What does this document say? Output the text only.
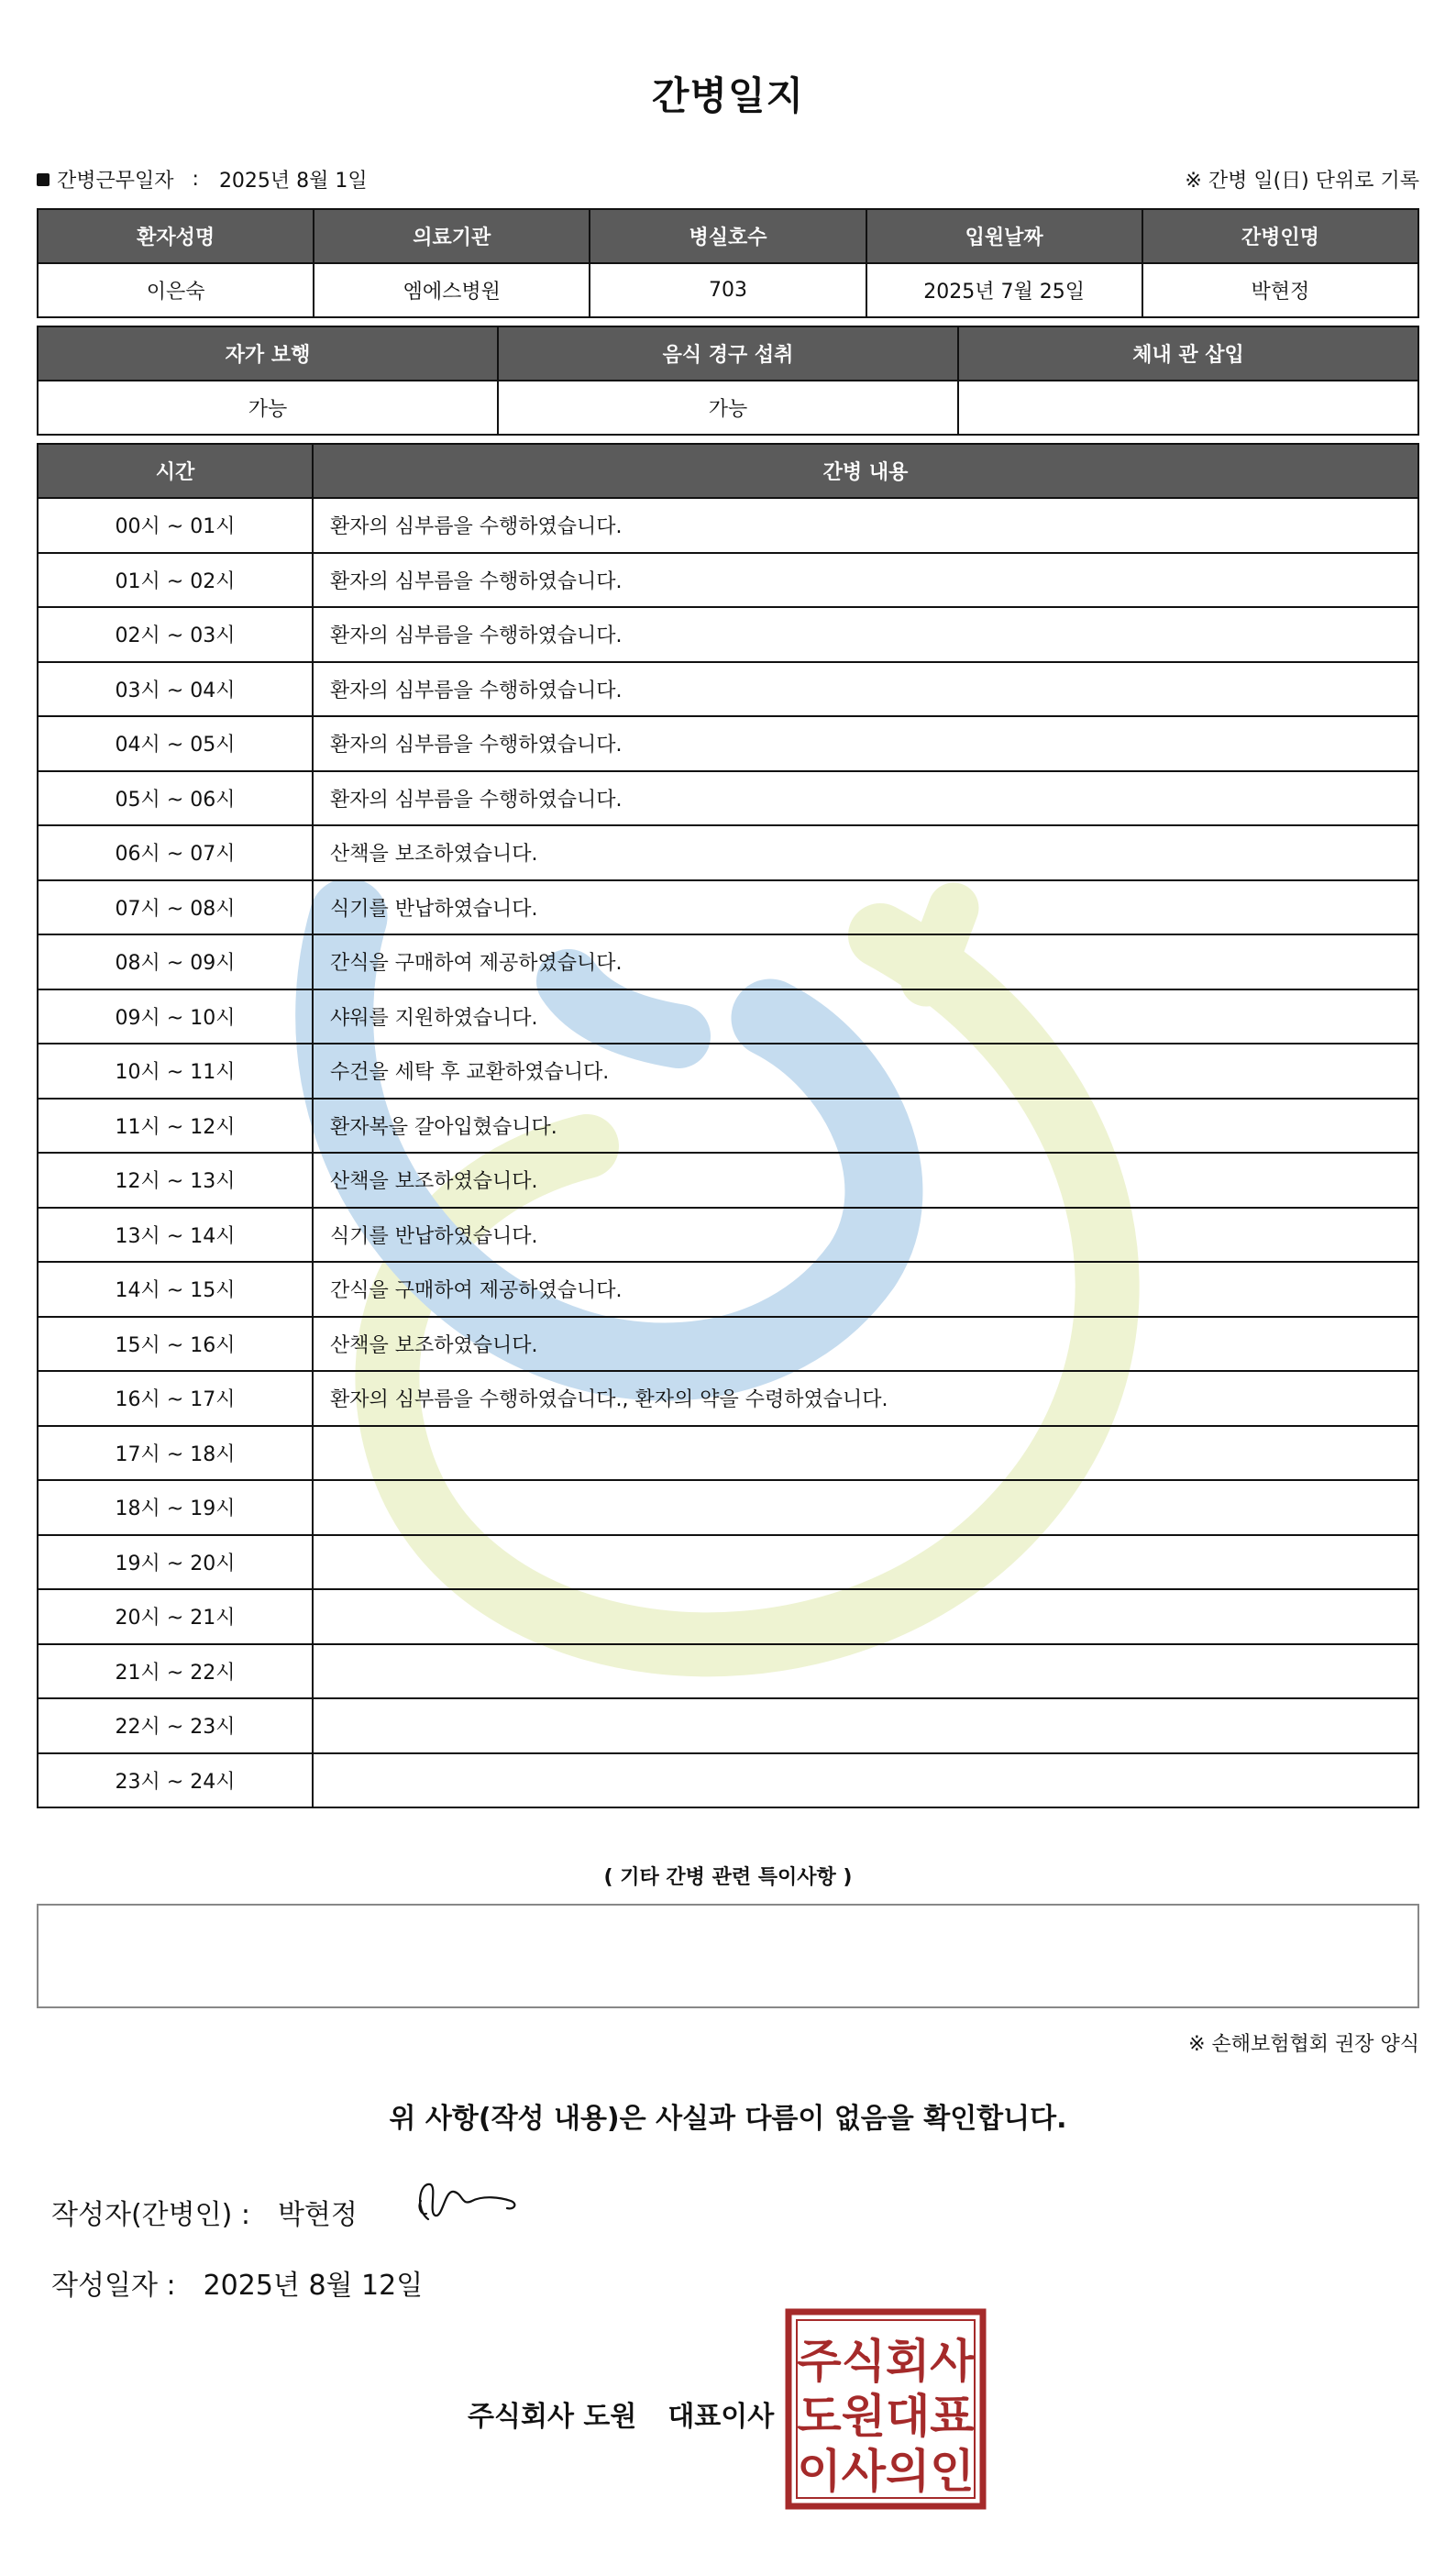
간병일지
간병근무일자 : 2025년 8월 1일	※ 간병 일(日) 단위로 기록
환자성명	의료기관	병실호수	입원날짜	간병인명
이은숙	엠에스병원	703	2025년 7월 25일	박현정
자가 보행	음식 경구 섭취	체내 관 삽입
가능	가능	
시간	간병 내용
00시 ~ 01시	환자의 심부름을 수행하였습니다.
01시 ~ 02시	환자의 심부름을 수행하였습니다.
02시 ~ 03시	환자의 심부름을 수행하였습니다.
03시 ~ 04시	환자의 심부름을 수행하였습니다.
04시 ~ 05시	환자의 심부름을 수행하였습니다.
05시 ~ 06시	환자의 심부름을 수행하였습니다.
06시 ~ 07시	산책을 보조하였습니다.
07시 ~ 08시	식기를 반납하였습니다.
08시 ~ 09시	간식을 구매하여 제공하였습니다.
09시 ~ 10시	샤워를 지원하였습니다.
10시 ~ 11시	수건을 세탁 후 교환하였습니다.
11시 ~ 12시	환자복을 갈아입혔습니다.
12시 ~ 13시	산책을 보조하였습니다.
13시 ~ 14시	식기를 반납하였습니다.
14시 ~ 15시	간식을 구매하여 제공하였습니다.
15시 ~ 16시	산책을 보조하였습니다.
16시 ~ 17시	환자의 심부름을 수행하였습니다., 환자의 약을 수령하였습니다.
17시 ~ 18시	
18시 ~ 19시	
19시 ~ 20시	
20시 ~ 21시	
21시 ~ 22시	
22시 ~ 23시	
23시 ~ 24시	
( 기타 간병 관련 특이사항 )
※ 손해보험협회 권장 양식
위 사항(작성 내용)은 사실과 다름이 없음을 확인합니다.
작성자(간병인) : 박현정
작성일자 : 2025년 8월 12일
주식회사 도원 대표이사
주식회사
도원대표
이사의인
